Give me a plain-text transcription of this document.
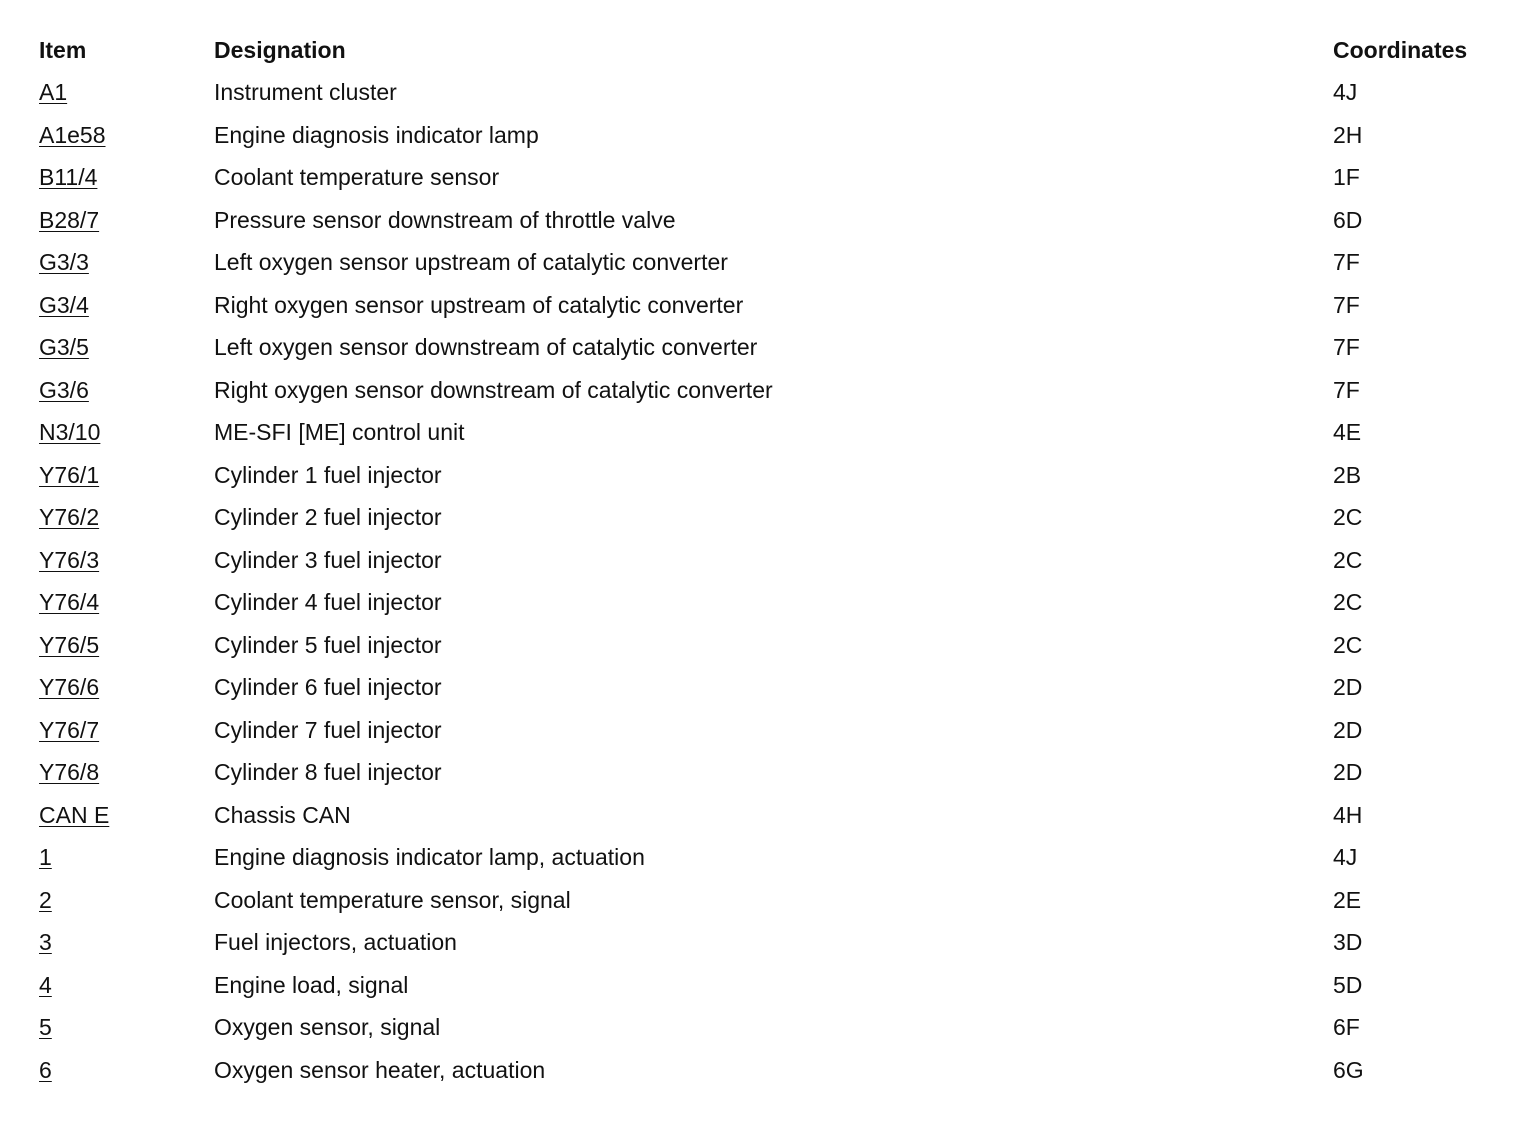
Item	Designation	Coordinates
A1	Instrument cluster	4J
A1e58	Engine diagnosis indicator lamp	2H
B11/4	Coolant temperature sensor	1F
B28/7	Pressure sensor downstream of throttle valve	6D
G3/3	Left oxygen sensor upstream of catalytic converter	7F
G3/4	Right oxygen sensor upstream of catalytic converter	7F
G3/5	Left oxygen sensor downstream of catalytic converter	7F
G3/6	Right oxygen sensor downstream of catalytic converter	7F
N3/10	ME-SFI [ME] control unit	4E
Y76/1	Cylinder 1 fuel injector	2B
Y76/2	Cylinder 2 fuel injector	2C
Y76/3	Cylinder 3 fuel injector	2C
Y76/4	Cylinder 4 fuel injector	2C
Y76/5	Cylinder 5 fuel injector	2C
Y76/6	Cylinder 6 fuel injector	2D
Y76/7	Cylinder 7 fuel injector	2D
Y76/8	Cylinder 8 fuel injector	2D
CAN E	Chassis CAN	4H
1	Engine diagnosis indicator lamp, actuation	4J
2	Coolant temperature sensor, signal	2E
3	Fuel injectors, actuation	3D
4	Engine load, signal	5D
5	Oxygen sensor, signal	6F
6	Oxygen sensor heater, actuation	6G
